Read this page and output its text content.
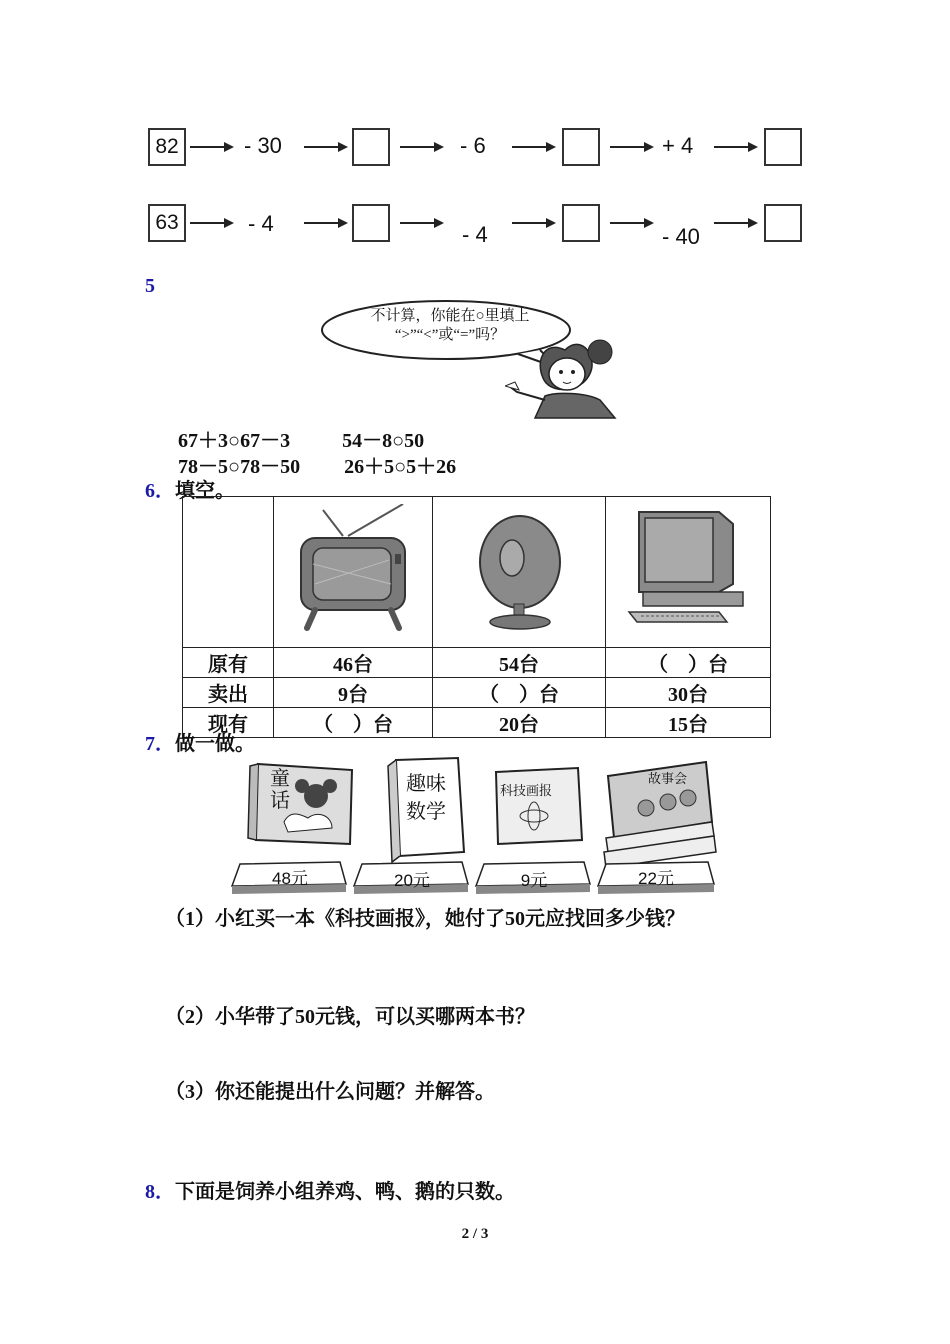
82	- 30	- 6	+ 4
63	- 4	- 4	- 40
5
不计算，你能在○里填上
“>”“<”或“=”吗？
67＋3○67－3	54－8○50
78－5○78－50 26＋5○5＋26
6．填空。

原有	46台	54台	（　）台
卖出	9台	（　）台	30台
现有	（　）台	20台	15台
7．做一做。
童话
趣味数学
科技画报
故事会
48元	20元	9元	22元
（1）小红买一本《科技画报》，她付了50元应找回多少钱？
（2）小华带了50元钱，可以买哪两本书？
（3）你还能提出什么问题？并解答。
8．下面是饲养小组养鸡、鸭、鹅的只数。
2 / 3
